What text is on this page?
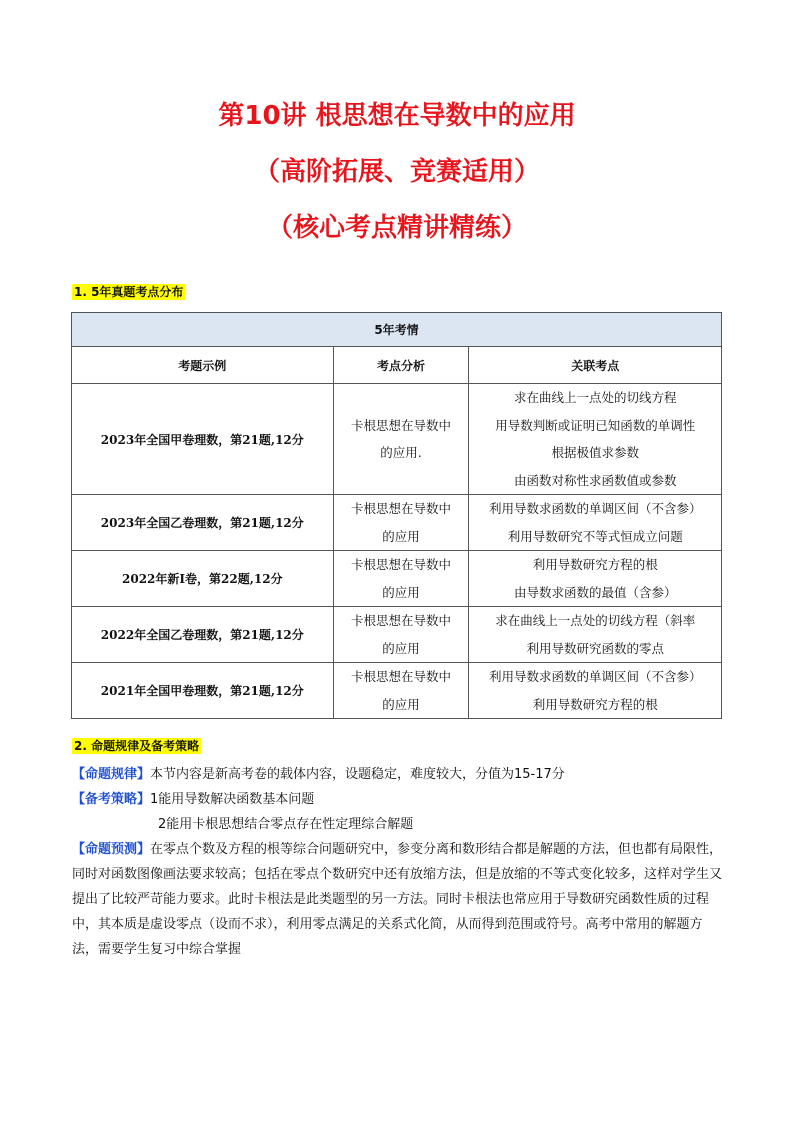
第10讲 根思想在导数中的应用
（高阶拓展、竞赛适用）
（核心考点精讲精练）
1. 5年真题考点分布
5年考情		
考题示例	考点分析	关联考点
2023年全国甲卷理数，第21题,12分	卡根思想在导数中
的应用.	求在曲线上一点处的切线方程
用导数判断或证明已知函数的单调性
根据极值求参数
由函数对称性求函数值或参数

2023年全国乙卷理数，第21题,12分	卡根思想在导数中
的应用	利用导数求函数的单调区间（不含参）
利用导数研究不等式恒成立问题

2022年新I卷，第22题,12分	卡根思想在导数中
的应用	利用导数研究方程的根
由导数求函数的最值（含参）

2022年全国乙卷理数，第21题,12分	卡根思想在导数中
的应用	求在曲线上一点处的切线方程（斜率
利用导数研究函数的零点

2021年全国甲卷理数，第21题,12分	卡根思想在导数中
的应用	利用导数求函数的单调区间（不含参）
利用导数研究方程的根
2. 命题规律及备考策略
【命题规律】本节内容是新高考卷的载体内容，设题稳定，难度较大，分值为15-17分
【备考策略】1能用导数解决函数基本问题
2能用卡根思想结合零点存在性定理综合解题
【命题预测】在零点个数及方程的根等综合问题研究中，参变分离和数形结合都是解题的方法，但也都有局限性，同时对函数图像画法要求较高；包括在零点个数研究中还有放缩方法，但是放缩的不等式变化较多，这样对学生又提出了比较严苛能力要求。此时卡根法是此类题型的另一方法。同时卡根法也常应用于导数研究函数性质的过程中，其本质是虚设零点（设而不求），利用零点满足的关系式化简，从而得到范围或符号。高考中常用的解题方法，需要学生复习中综合掌握
